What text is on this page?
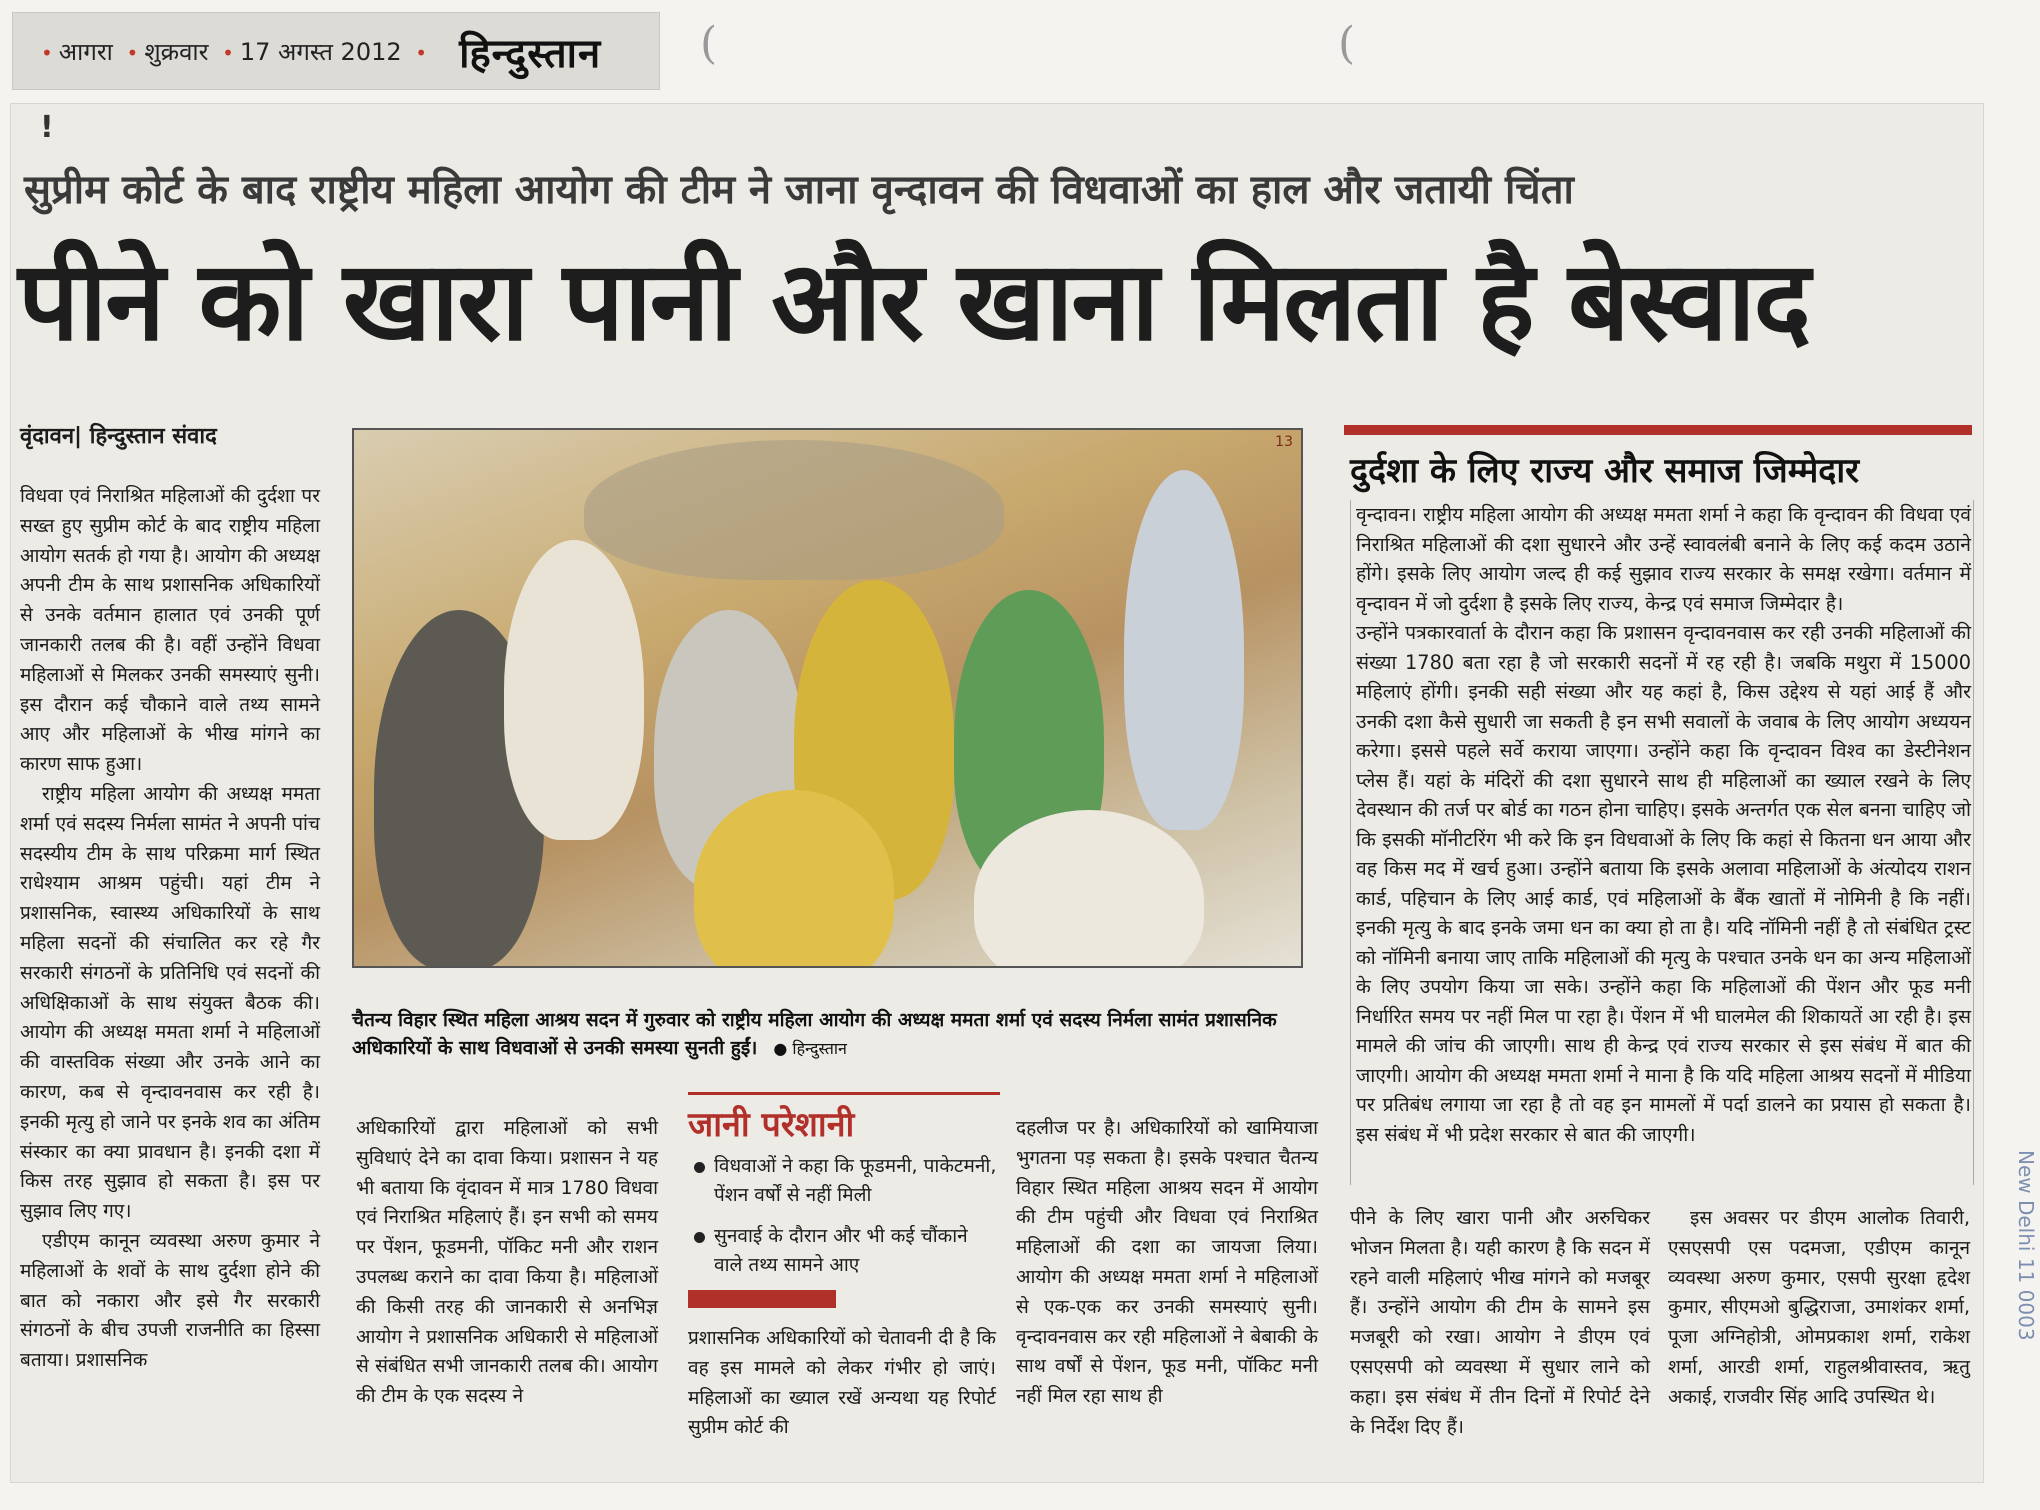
• आगरा • शुक्रवार • 17 अगस्त 2012 • हिन्दुस्तान (	(
!
सुप्रीम कोर्ट के बाद राष्ट्रीय महिला आयोग की टीम ने जाना वृन्दावन की विधवाओं का हाल और जतायी चिंता
पीने को खारा पानी और खाना मिलता है बेस्वाद
वृंदावन| हिन्दुस्तान संवाद

विधवा एवं निराश्रित महिलाओं की दुर्दशा पर सख्त हुए सुप्रीम कोर्ट के बाद राष्ट्रीय महिला आयोग सतर्क हो गया है। आयोग की अध्यक्ष अपनी टीम के साथ प्रशासनिक अधिकारियों से उनके वर्तमान हालात एवं उनकी पूर्ण जानकारी तलब की है। वहीं उन्होंने विधवा महिलाओं से मिलकर उनकी समस्याएं सुनी। इस दौरान कई चौकाने वाले तथ्य सामने आए और महिलाओं के भीख मांगने का कारण साफ हुआ।

राष्ट्रीय महिला आयोग की अध्यक्ष ममता शर्मा एवं सदस्य निर्मला सामंत ने अपनी पांच सदस्यीय टीम के साथ परिक्रमा मार्ग स्थित राधेश्याम आश्रम पहुंची। यहां टीम ने प्रशासनिक, स्वास्थ्य अधिकारियों के साथ महिला सदनों की संचालित कर रहे गैर सरकारी संगठनों के प्रतिनिधि एवं सदनों की अधिक्षिकाओं के साथ संयुक्त बैठक की। आयोग की अध्यक्ष ममता शर्मा ने महिलाओं की वास्तविक संख्या और उनके आने का कारण, कब से वृन्दावनवास कर रही है। इनकी मृत्यु हो जाने पर इनके शव का अंतिम संस्कार का क्या प्रावधान है। इनकी दशा में किस तरह सुझाव हो सकता है। इस पर सुझाव लिए गए।

एडीएम कानून व्यवस्था अरुण कुमार ने महिलाओं के शवों के साथ दुर्दशा होने की बात को नकारा और इसे गैर सरकारी संगठनों के बीच उपजी राजनीति का हिस्सा बताया। प्रशासनिक

13
चैतन्य विहार स्थित महिला आश्रय सदन में गुरुवार को राष्ट्रीय महिला आयोग की अध्यक्ष ममता शर्मा एवं सदस्य निर्मला सामंत प्रशासनिक अधिकारियों के साथ विधवाओं से उनकी समस्या सुनती हुईं। ● हिन्दुस्तान

अधिकारियों द्वारा महिलाओं को सभी सुविधाएं देने का दावा किया। प्रशासन ने यह भी बताया कि वृंदावन में मात्र 1780 विधवा एवं निराश्रित महिलाएं हैं। इन सभी को समय पर पेंशन, फूडमनी, पॉकिट मनी और राशन उपलब्ध कराने का दावा किया है। महिलाओं की किसी तरह की जानकारी से अनभिज्ञ आयोग ने प्रशासनिक अधिकारी से महिलाओं से संबंधित सभी जानकारी तलब की। आयोग की टीम के एक सदस्य ने

जानी परेशानी
विधवाओं ने कहा कि फूडमनी, पाकेटमनी, पेंशन वर्षों से नहीं मिली
सुनवाई के दौरान और भी कई चौंकाने वाले तथ्य सामने आए

प्रशासनिक अधिकारियों को चेतावनी दी है कि वह इस मामले को लेकर गंभीर हो जाएं। महिलाओं का ख्याल रखें अन्यथा यह रिपोर्ट सुप्रीम कोर्ट की

दहलीज पर है। अधिकारियों को खामियाजा भुगतना पड़ सकता है। इसके पश्चात चैतन्य विहार स्थित महिला आश्रय सदन में आयोग की टीम पहुंची और विधवा एवं निराश्रित महिलाओं की दशा का जायजा लिया। आयोग की अध्यक्ष ममता शर्मा ने महिलाओं से एक-एक कर उनकी समस्याएं सुनी। वृन्दावनवास कर रही महिलाओं ने बेबाकी के साथ वर्षों से पेंशन, फूड मनी, पॉकिट मनी नहीं मिल रहा साथ ही

दुर्दशा के लिए राज्य और समाज जिम्मेदार

वृन्दावन। राष्ट्रीय महिला आयोग की अध्यक्ष ममता शर्मा ने कहा कि वृन्दावन की विधवा एवं निराश्रित महिलाओं की दशा सुधारने और उन्हें स्वावलंबी बनाने के लिए कई कदम उठाने होंगे। इसके लिए आयोग जल्द ही कई सुझाव राज्य सरकार के समक्ष रखेगा। वर्तमान में वृन्दावन में जो दुर्दशा है इसके लिए राज्य, केन्द्र एवं समाज जिम्मेदार है।

उन्होंने पत्रकारवार्ता के दौरान कहा कि प्रशासन वृन्दावनवास कर रही उनकी महिलाओं की संख्या 1780 बता रहा है जो सरकारी सदनों में रह रही है। जबकि मथुरा में 15000 महिलाएं होंगी। इनकी सही संख्या और यह कहां है, किस उद्देश्य से यहां आई हैं और उनकी दशा कैसे सुधारी जा सकती है इन सभी सवालों के जवाब के लिए आयोग अध्ययन करेगा। इससे पहले सर्वे कराया जाएगा। उन्होंने कहा कि वृन्दावन विश्व का डेस्टीनेशन प्लेस हैं। यहां के मंदिरों की दशा सुधारने साथ ही महिलाओं का ख्याल रखने के लिए देवस्थान की तर्ज पर बोर्ड का गठन होना चाहिए। इसके अन्तर्गत एक सेल बनना चाहिए जो कि इसकी मॉनीटरिंग भी करे कि इन विधवाओं के लिए कि कहां से कितना धन आया और वह किस मद में खर्च हुआ। उन्होंने बताया कि इसके अलावा महिलाओं के अंत्योदय राशन कार्ड, पहिचान के लिए आई कार्ड, एवं महिलाओं के बैंक खातों में नोमिनी है कि नहीं। इनकी मृत्यु के बाद इनके जमा धन का क्या हो ता है। यदि नॉमिनी नहीं है तो संबंधित ट्रस्ट को नॉमिनी बनाया जाए ताकि महिलाओं की मृत्यु के पश्चात उनके धन का अन्य महिलाओं के लिए उपयोग किया जा सके। उन्होंने कहा कि महिलाओं की पेंशन और फूड मनी निर्धारित समय पर नहीं मिल पा रहा है। पेंशन में भी घालमेल की शिकायतें आ रही है। इस मामले की जांच की जाएगी। साथ ही केन्द्र एवं राज्य सरकार से इस संबंध में बात की जाएगी। आयोग की अध्यक्ष ममता शर्मा ने माना है कि यदि महिला आश्रय सदनों में मीडिया पर प्रतिबंध लगाया जा रहा है तो वह इन मामलों में पर्दा डालने का प्रयास हो सकता है। इस संबंध में भी प्रदेश सरकार से बात की जाएगी।

पीने के लिए खारा पानी और अरुचिकर भोजन मिलता है। यही कारण है कि सदन में रहने वाली महिलाएं भीख मांगने को मजबूर हैं। उन्होंने आयोग की टीम के सामने इस मजबूरी को रखा। आयोग ने डीएम एवं एसएसपी को व्यवस्था में सुधार लाने को कहा। इस संबंध में तीन दिनों में रिपोर्ट देने के निर्देश दिए हैं।

इस अवसर पर डीएम आलोक तिवारी, एसएसपी एस पदमजा, एडीएम कानून व्यवस्था अरुण कुमार, एसपी सुरक्षा हृदेश कुमार, सीएमओ बुद्धिराजा, उमाशंकर शर्मा, पूजा अग्निहोत्री, ओमप्रकाश शर्मा, राकेश शर्मा, आरडी शर्मा, राहुलश्रीवास्तव, ऋतु अकाई, राजवीर सिंह आदि उपस्थित थे।

New Delhi 11 0003
